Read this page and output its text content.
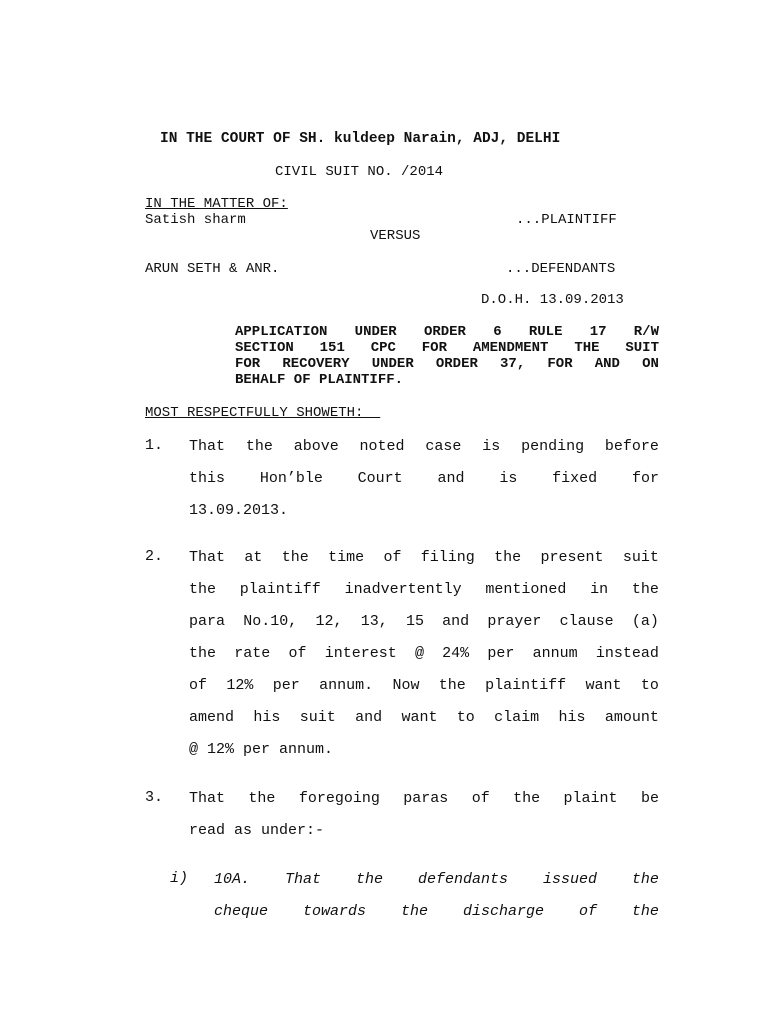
IN THE COURT OF SH. kuldeep Narain, ADJ, DELHI
CIVIL SUIT NO. /2014
IN THE MATTER OF:
Satish sharm	...PLAINTIFF
VERSUS
ARUN SETH & ANR.	...DEFENDANTS
D.O.H. 13.09.2013
APPLICATION UNDER ORDER 6 RULE 17 R/W
SECTION 151 CPC FOR AMENDMENT THE SUIT
FOR RECOVERY UNDER ORDER 37, FOR AND ON
BEHALF OF PLAINTIFF.
MOST RESPECTFULLY SHOWETH:
1. That the above noted case is pending before
this Hon’ble Court and is fixed for
13.09.2013.
2. That at the time of filing the present suit
the plaintiff inadvertently mentioned in the
para No.10, 12, 13, 15 and prayer clause (a)
the rate of interest @ 24% per annum instead
of 12% per annum. Now the plaintiff want to
amend his suit and want to claim his amount
@ 12% per annum.
3. That the foregoing paras of the plaint be
read as under:-
i) 10A. That the defendants issued the
cheque towards the discharge of the
